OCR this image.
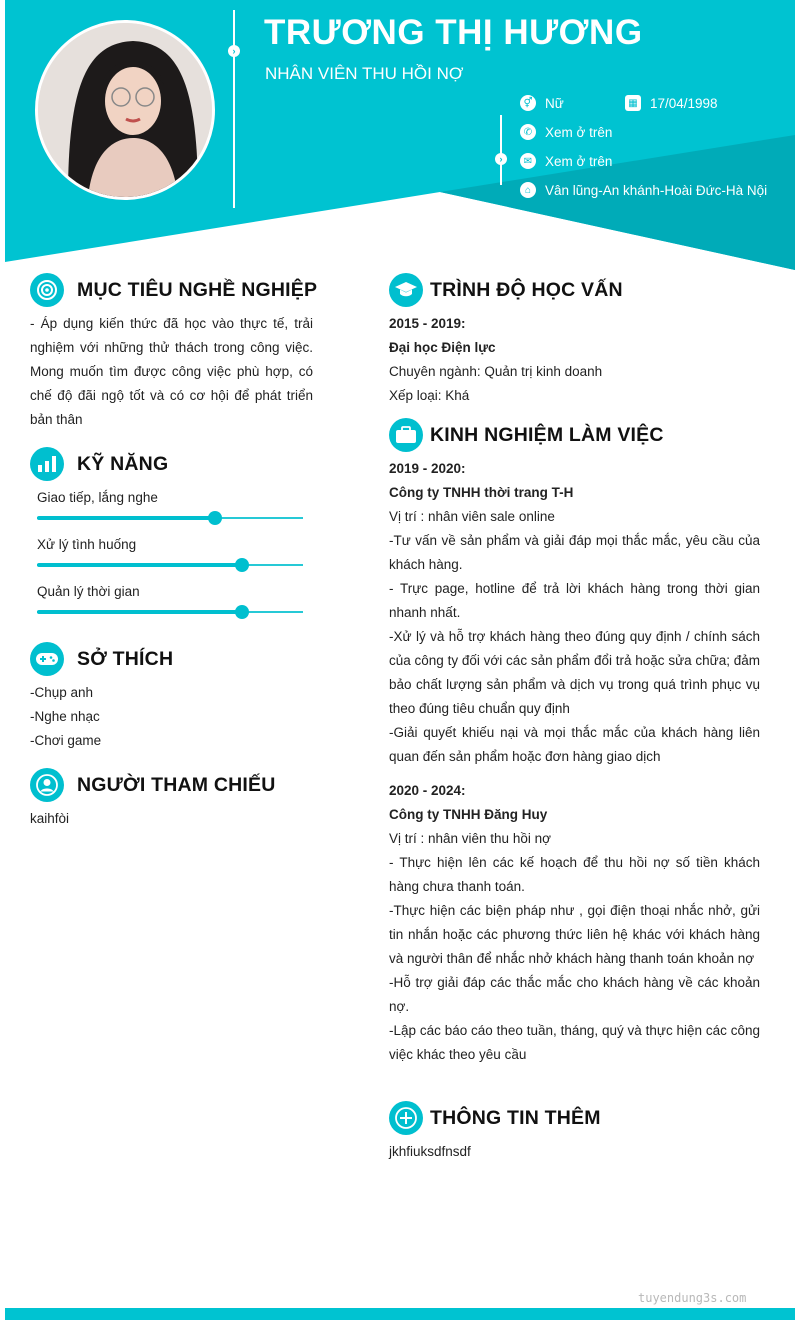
›
›
TRƯƠNG THỊ HƯƠNG
NHÂN VIÊN THU HỒI NỢ
⚥ Nữ	▦ 17/04/1998
✆ Xem ở trên
✉ Xem ở trên
⌂	Vân lũng-An khánh-Hoài Đức-Hà Nội
MỤC TIÊU NGHỀ NGHIỆP
- Áp dụng kiến thức đã học vào thực tế, trải nghiệm với những thử thách trong công việc. Mong muốn tìm được công việc phù hợp, có chế độ đãi ngộ tốt và có cơ hội để phát triển bản thân
KỸ NĂNG
Giao tiếp, lắng nghe
Xử lý tình huống
Quản lý thời gian
SỞ THÍCH
-Chụp anh
-Nghe nhạc
-Chơi game
NGƯỜI THAM CHIẾU
kaihfòi
TRÌNH ĐỘ HỌC VẤN
2015 - 2019:
Đại học Điện lực
Chuyên ngành: Quản trị kinh doanh
Xếp loại: Khá
KINH NGHIỆM LÀM VIỆC
2019 - 2020:
Công ty TNHH thời trang T-H
Vị trí : nhân viên sale online
-Tư vấn về sản phẩm và giải đáp mọi thắc mắc, yêu cầu của khách hàng.
- Trực page, hotline để trả lời khách hàng trong thời gian nhanh nhất.
-Xử lý và hỗ trợ khách hàng theo đúng quy định / chính sách của công ty đối với các sản phẩm đổi trả hoặc sửa chữa; đảm bảo chất lượng sản phẩm và dịch vụ trong quá trình phục vụ theo đúng tiêu chuẩn quy định
-Giải quyết khiếu nại và mọi thắc mắc của khách hàng liên quan đến sản phẩm hoặc đơn hàng giao dịch
2020 - 2024:
Công ty TNHH Đăng Huy
Vị trí : nhân viên thu hồi nợ
- Thực hiện lên các kế hoạch để thu hồi nợ số tiền khách hàng chưa thanh toán.
-Thực hiện các biện pháp như , gọi điện thoại nhắc nhở, gửi tin nhắn hoặc các phương thức liên hệ khác với khách hàng và người thân để nhắc nhở khách hàng thanh toán khoản nợ
-Hỗ trợ giải đáp các thắc mắc cho khách hàng về các khoản nợ.
-Lập các báo cáo theo tuần, tháng, quý và thực hiện các công việc khác theo yêu cầu
THÔNG TIN THÊM
jkhfiuksdfnsdf
tuyendung3s.com
